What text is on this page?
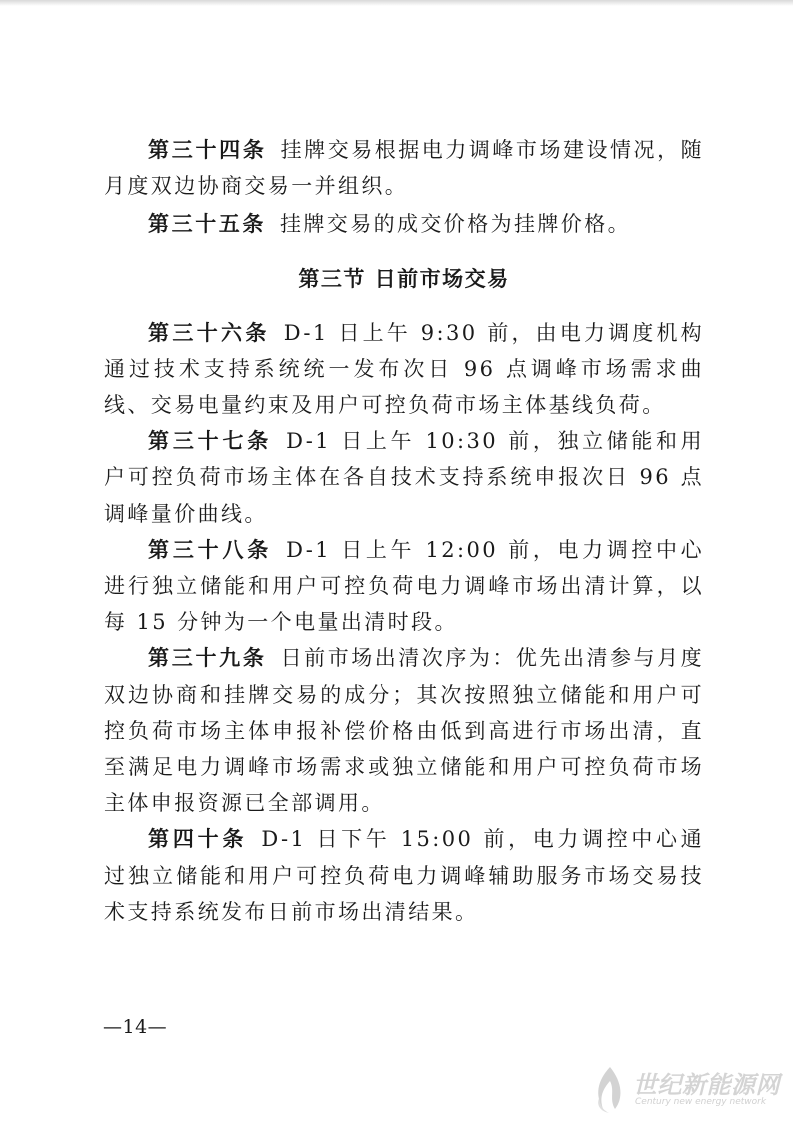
第三十四条 挂牌交易根据电力调峰市场建设情况，随月度双边协商交易一并组织。

第三十五条 挂牌交易的成交价格为挂牌价格。

第三节 日前市场交易

第三十六条 D-1 日上午 9:30 前，由电力调度机构通过技术支持系统统一发布次日 96 点调峰市场需求曲线、交易电量约束及用户可控负荷市场主体基线负荷。

第三十七条 D-1 日上午 10:30 前，独立储能和用户可控负荷市场主体在各自技术支持系统申报次日 96 点调峰量价曲线。

第三十八条 D-1 日上午 12:00 前，电力调控中心进行独立储能和用户可控负荷电力调峰市场出清计算，以每 15 分钟为一个电量出清时段。

第三十九条 日前市场出清次序为：优先出清参与月度双边协商和挂牌交易的成分；其次按照独立储能和用户可控负荷市场主体申报补偿价格由低到高进行市场出清，直至满足电力调峰市场需求或独立储能和用户可控负荷市场主体申报资源已全部调用。

第四十条 D-1 日下午 15:00 前，电力调控中心通过独立储能和用户可控负荷电力调峰辅助服务市场交易技术支持系统发布日前市场出清结果。

—14—
世纪新能源网
Century new energy network
